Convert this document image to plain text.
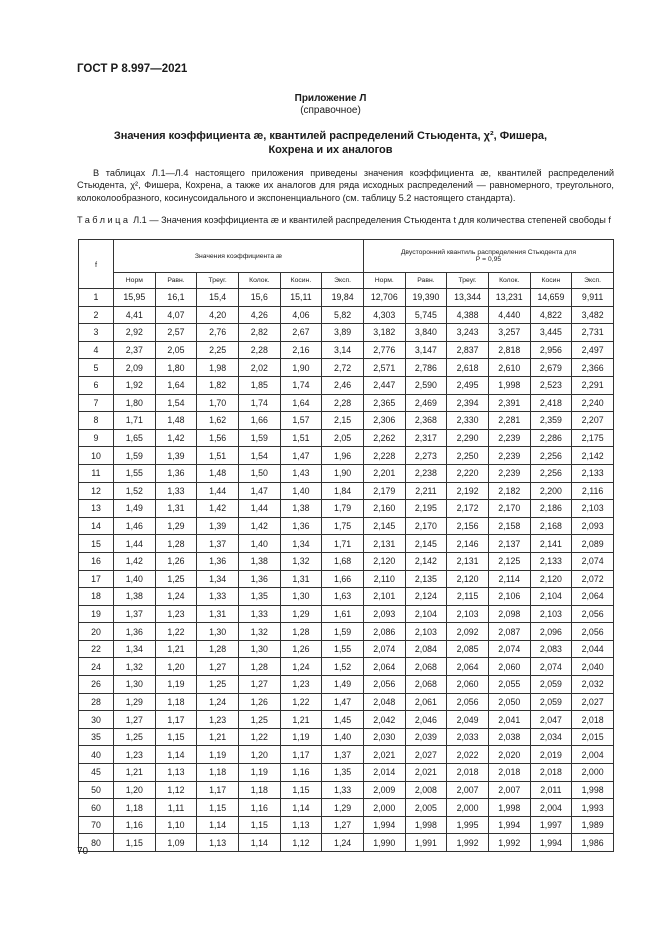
ГОСТ Р 8.997—2021
Приложение Л
(справочное)
Значения коэффициента æ, квантилей распределений Стьюдента, χ², Фишера, Кохрена и их аналогов
В таблицах Л.1—Л.4 настоящего приложения приведены значения коэффициента æ, квантилей распределений Стьюдента, χ², Фишера, Кохрена, а также их аналогов для ряда исходных распределений — равномерного, треугольного, колоколообразного, косинусоидального и экспоненциального (см. таблицу 5.2 настоящего стандарта).
Таблица Л.1 — Значения коэффициента æ и квантилей распределения Стьюдента t для количества степеней свободы f
f	Значения коэффициента æ						Двусторонний квантиль распределения Стьюдента для
P = 0,95					

	Норм	Равн.	Треуг.	Колок.	Косин.	Эксп.	Норм.	Равн.	Треуг.	Колок.	Косин	Эксп.
1	15,95	16,1	15,4	15,6	15,11	19,84	12,706	19,390	13,344	13,231	14,659	9,911
2	4,41	4,07	4,20	4,26	4,06	5,82	4,303	5,745	4,388	4,440	4,822	3,482
3	2,92	2,57	2,76	2,82	2,67	3,89	3,182	3,840	3,243	3,257	3,445	2,731
4	2,37	2,05	2,25	2,28	2,16	3,14	2,776	3,147	2,837	2,818	2,956	2,497
5	2,09	1,80	1,98	2,02	1,90	2,72	2,571	2,786	2,618	2,610	2,679	2,366
6	1,92	1,64	1,82	1,85	1,74	2,46	2,447	2,590	2,495	1,998	2,523	2,291
7	1,80	1,54	1,70	1,74	1,64	2,28	2,365	2,469	2,394	2,391	2,418	2,240
8	1,71	1,48	1,62	1,66	1,57	2,15	2,306	2,368	2,330	2,281	2,359	2,207
9	1,65	1,42	1,56	1,59	1,51	2,05	2,262	2,317	2,290	2,239	2,286	2,175
10	1,59	1,39	1,51	1,54	1,47	1,96	2,228	2,273	2,250	2,239	2,256	2,142
11	1,55	1,36	1,48	1,50	1,43	1,90	2,201	2,238	2,220	2,239	2,256	2,133
12	1,52	1,33	1,44	1,47	1,40	1,84	2,179	2,211	2,192	2,182	2,200	2,116
13	1,49	1,31	1,42	1,44	1,38	1,79	2,160	2,195	2,172	2,170	2,186	2,103
14	1,46	1,29	1,39	1,42	1,36	1,75	2,145	2,170	2,156	2,158	2,168	2,093
15	1,44	1,28	1,37	1,40	1,34	1,71	2,131	2,145	2,146	2,137	2,141	2,089
16	1,42	1,26	1,36	1,38	1,32	1,68	2,120	2,142	2,131	2,125	2,133	2,074
17	1,40	1,25	1,34	1,36	1,31	1,66	2,110	2,135	2,120	2,114	2,120	2,072
18	1,38	1,24	1,33	1,35	1,30	1,63	2,101	2,124	2,115	2,106	2,104	2,064
19	1,37	1,23	1,31	1,33	1,29	1,61	2,093	2,104	2,103	2,098	2,103	2,056
20	1,36	1,22	1,30	1,32	1,28	1,59	2,086	2,103	2,092	2,087	2,096	2,056
22	1,34	1,21	1,28	1,30	1,26	1,55	2,074	2,084	2,085	2,074	2,083	2,044
24	1,32	1,20	1,27	1,28	1,24	1,52	2,064	2,068	2,064	2,060	2,074	2,040
26	1,30	1,19	1,25	1,27	1,23	1,49	2,056	2,068	2,060	2,055	2,059	2,032
28	1,29	1,18	1,24	1,26	1,22	1,47	2,048	2,061	2,056	2,050	2,059	2,027
30	1,27	1,17	1,23	1,25	1,21	1,45	2,042	2,046	2,049	2,041	2,047	2,018
35	1,25	1,15	1,21	1,22	1,19	1,40	2,030	2,039	2,033	2,038	2,034	2,015
40	1,23	1,14	1,19	1,20	1,17	1,37	2,021	2,027	2,022	2,020	2,019	2,004
45	1,21	1,13	1,18	1,19	1,16	1,35	2,014	2,021	2,018	2,018	2,018	2,000
50	1,20	1,12	1,17	1,18	1,15	1,33	2,009	2,008	2,007	2,007	2,011	1,998
60	1,18	1,11	1,15	1,16	1,14	1,29	2,000	2,005	2,000	1,998	2,004	1,993
70	1,16	1,10	1,14	1,15	1,13	1,27	1,994	1,998	1,995	1,994	1,997	1,989
80	1,15	1,09	1,13	1,14	1,12	1,24	1,990	1,991	1,992	1,992	1,994	1,986
70
